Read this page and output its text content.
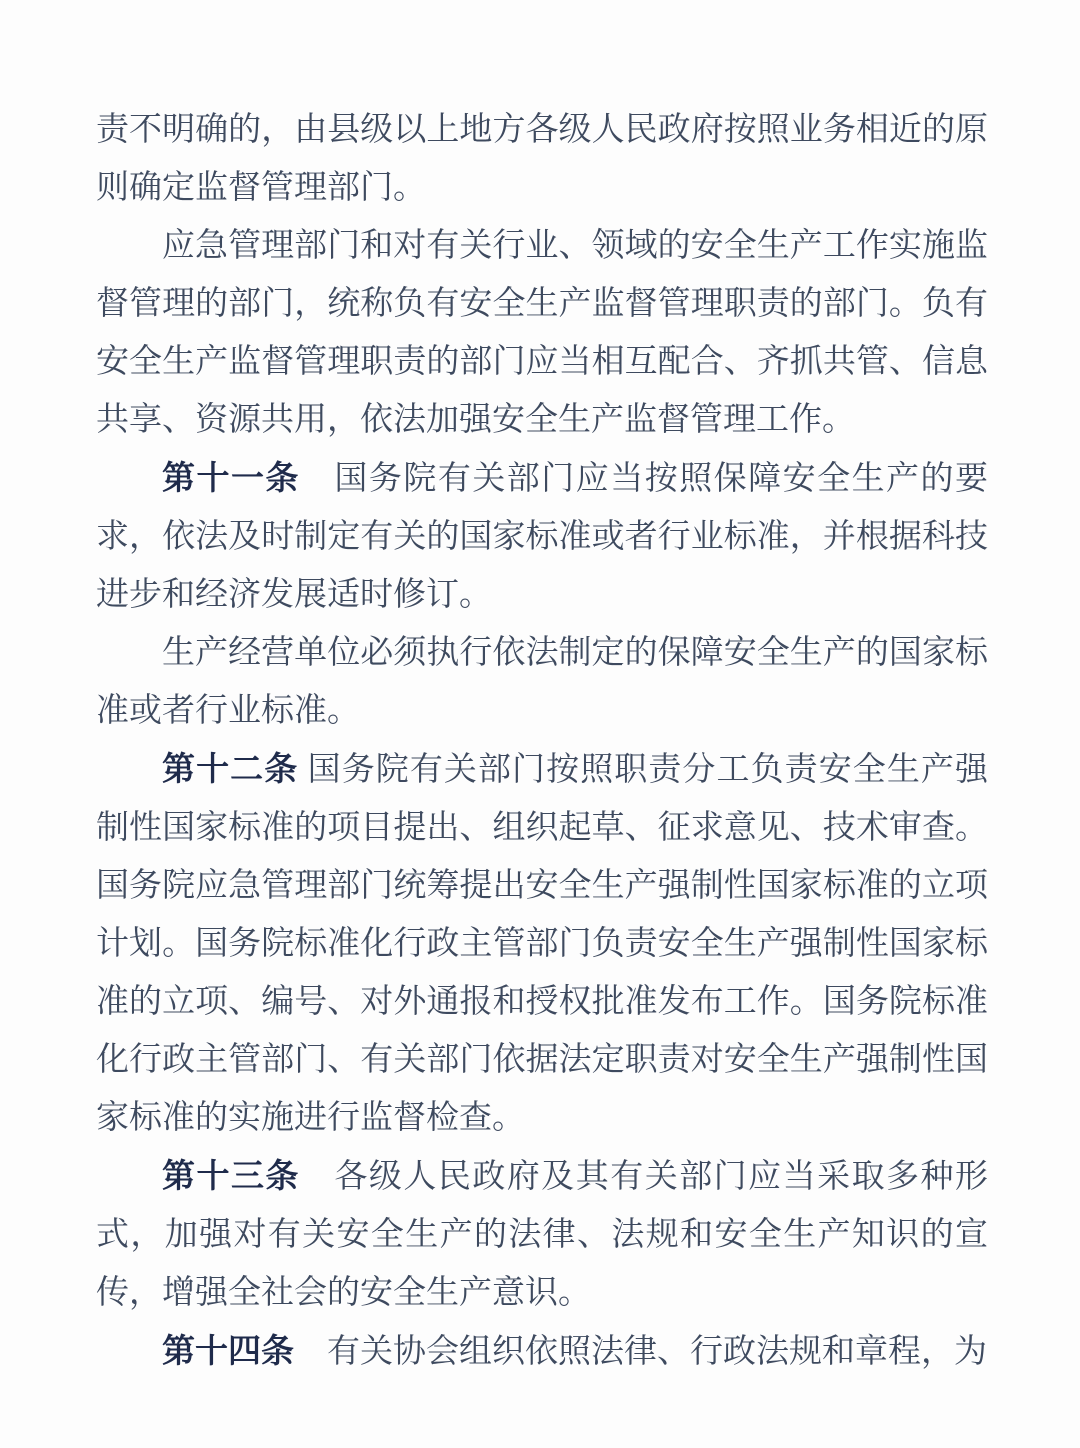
责不明确的，由县级以上地方各级人民政府按照业务相近的原则确定监督管理部门。

应急管理部门和对有关行业、领域的安全生产工作实施监督管理的部门，统称负有安全生产监督管理职责的部门。负有安全生产监督管理职责的部门应当相互配合、齐抓共管、信息共享、资源共用，依法加强安全生产监督管理工作。

第十一条　 国务院有关部门应当按照保障安全生产的要求，依法及时制定有关的国家标准或者行业标准，并根据科技进步和经济发展适时修订。

生产经营单位必须执行依法制定的保障安全生产的国家标准或者行业标准。

第十二条 国务院有关部门按照职责分工负责安全生产强制性国家标准的项目提出、组织起草、征求意见、技术审查。国务院应急管理部门统筹提出安全生产强制性国家标准的立项计划。国务院标准化行政主管部门负责安全生产强制性国家标准的立项、编号、对外通报和授权批准发布工作。国务院标准化行政主管部门、有关部门依据法定职责对安全生产强制性国家标准的实施进行监督检查。

第十三条　 各级人民政府及其有关部门应当采取多种形式，加强对有关安全生产的法律、法规和安全生产知识的宣传，增强全社会的安全生产意识。

第十四条　 有关协会组织依照法律、行政法规和章程，为
